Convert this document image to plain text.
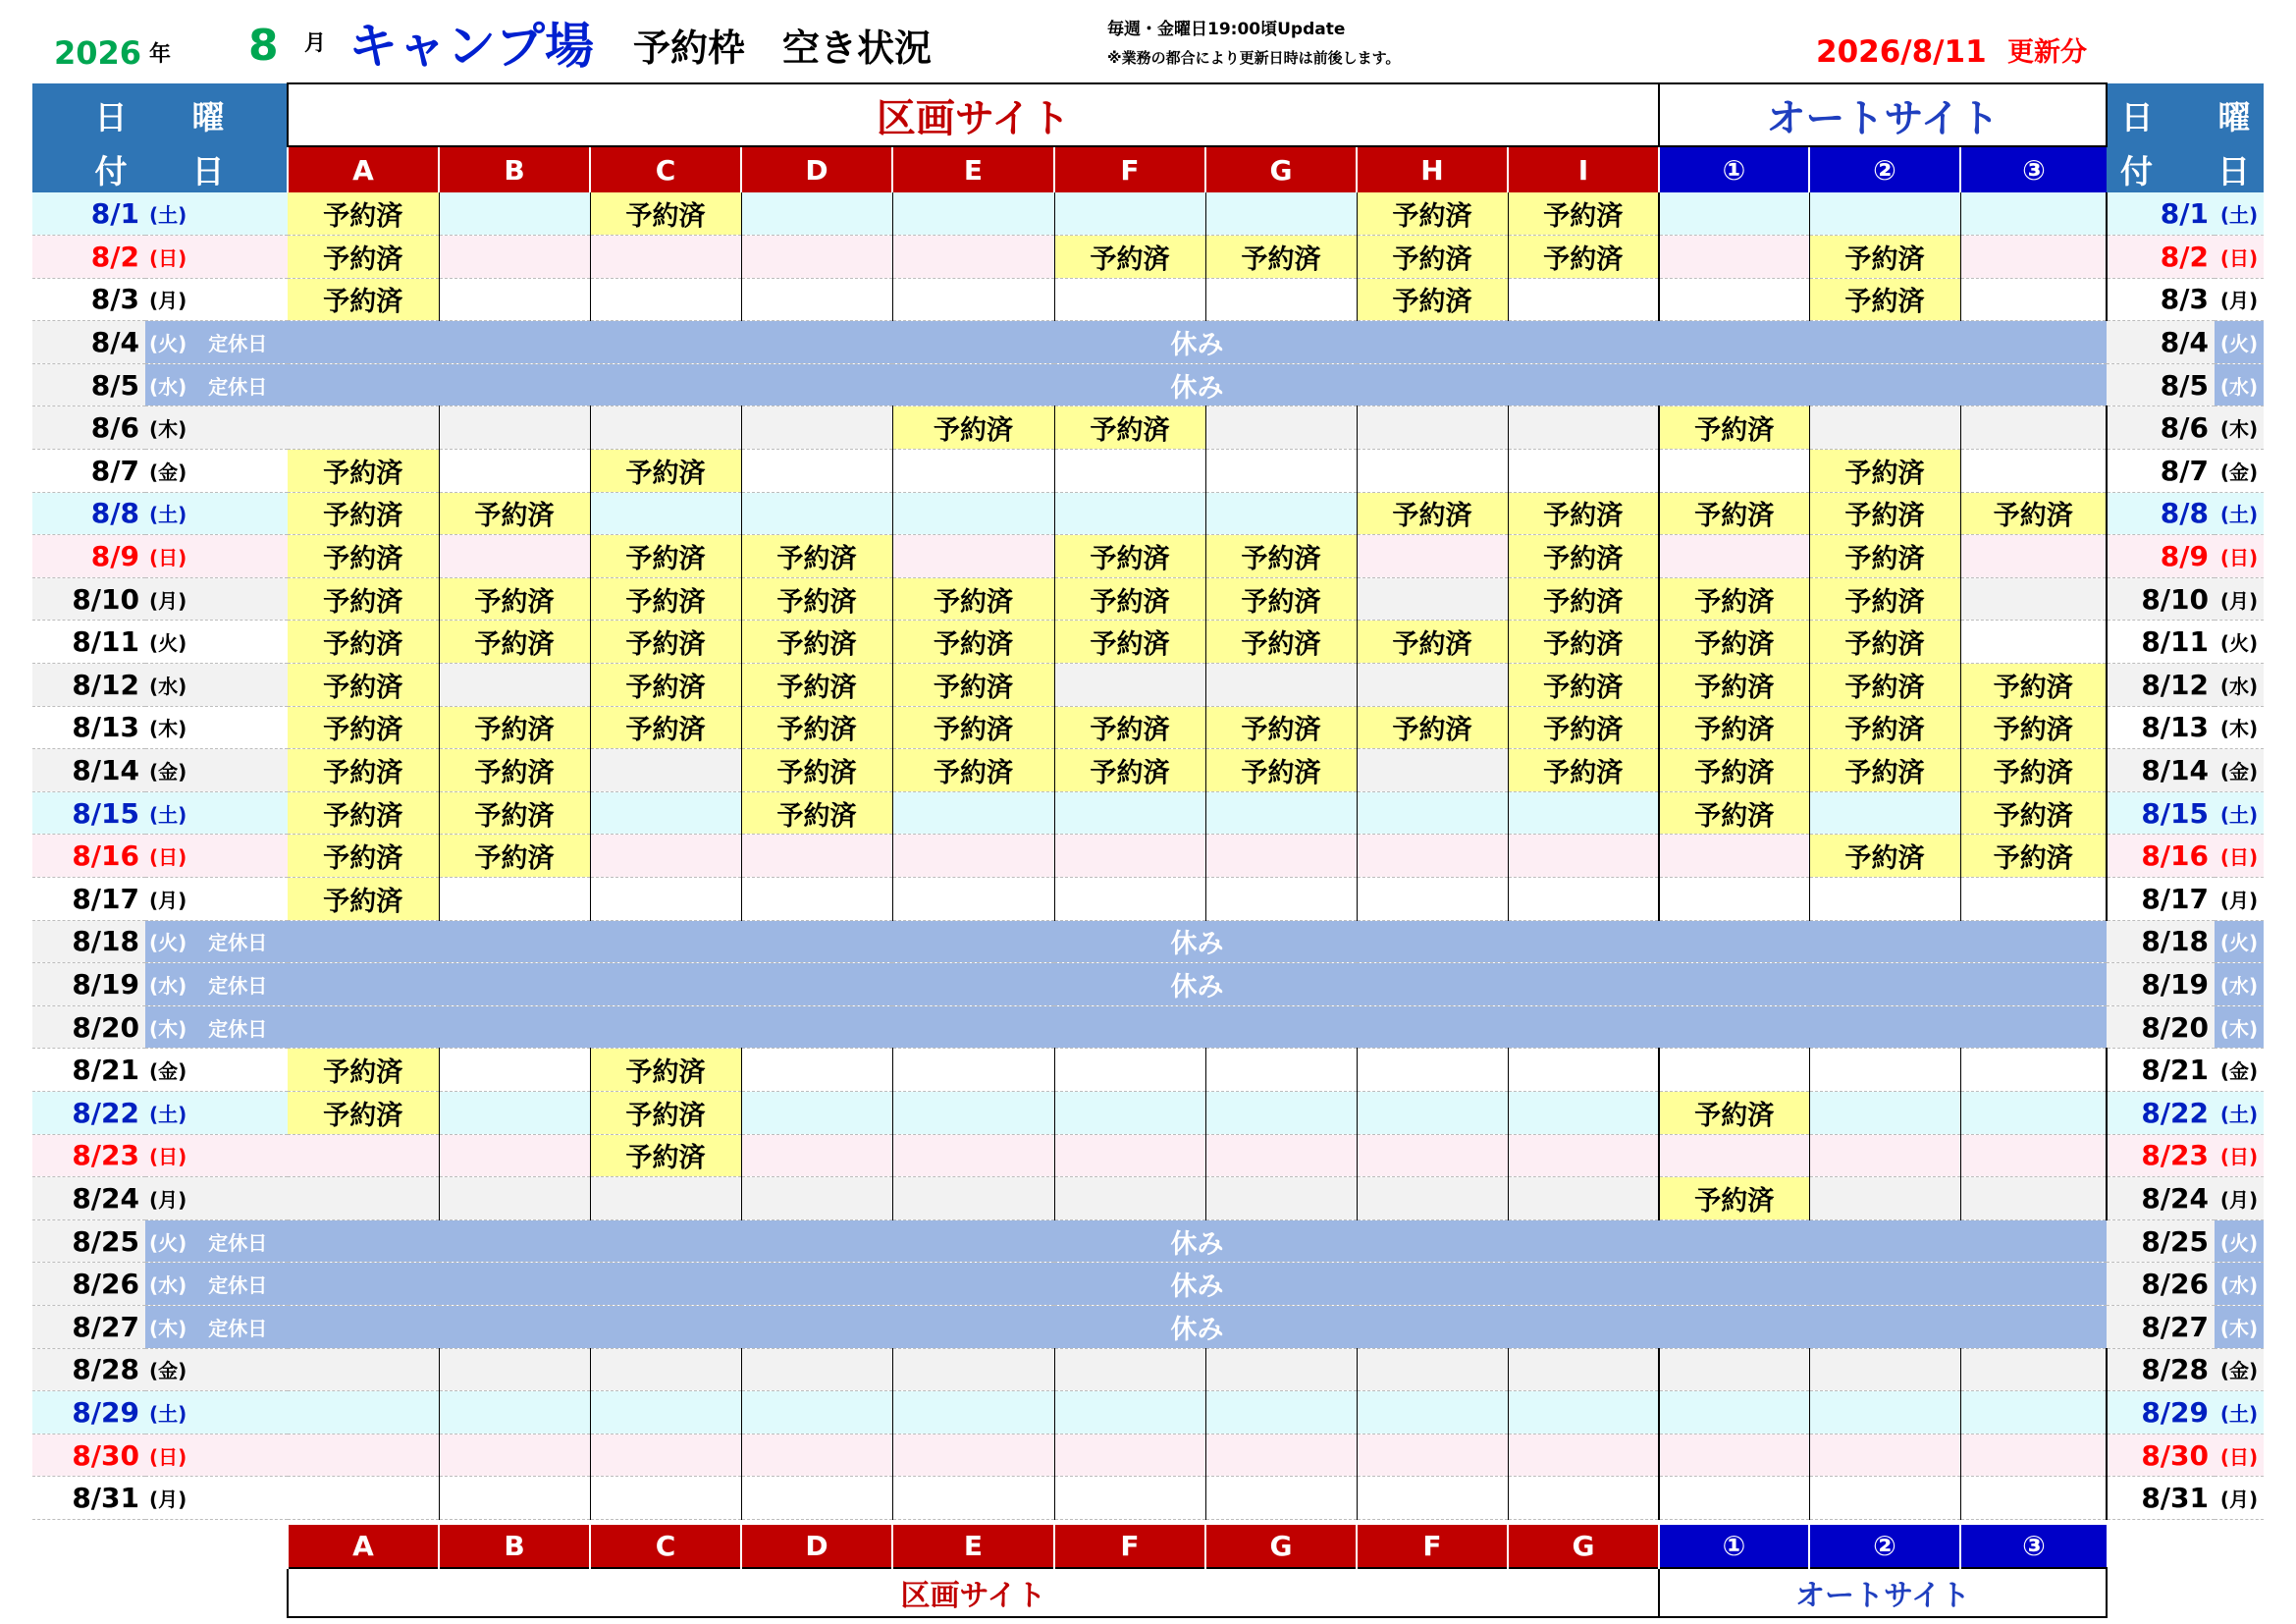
2026 年 8 月 キャンプ場 予約枠　空き状況	毎週・金曜日19:00頃Update
※業務の都合により更新日時は前後します。	2026/8/11 更新分
日　　曜		区画サイト									オートサイト			日　　曜	
付　　日		A	B	C	D	E	F	G	H	I	①	②	③	付　　日	
8/1	(土)	予約済		予約済					予約済	予約済				8/1	(土)
8/2	(日)	予約済					予約済	予約済	予約済	予約済		予約済		8/2	(日)
8/3	(月)	予約済							予約済			予約済		8/3	(月)
8/4	(火) 定休日	休み												8/4	(火)
8/5	(水) 定休日	休み												8/5	(水)
8/6	(木)					予約済	予約済				予約済			8/6	(木)
8/7	(金)	予約済		予約済								予約済		8/7	(金)
8/8	(土)	予約済	予約済						予約済	予約済	予約済	予約済	予約済	8/8	(土)
8/9	(日)	予約済		予約済	予約済		予約済	予約済		予約済		予約済		8/9	(日)
8/10	(月)	予約済	予約済	予約済	予約済	予約済	予約済	予約済		予約済	予約済	予約済		8/10	(月)
8/11	(火)	予約済	予約済	予約済	予約済	予約済	予約済	予約済	予約済	予約済	予約済	予約済		8/11	(火)
8/12	(水)	予約済		予約済	予約済	予約済				予約済	予約済	予約済	予約済	8/12	(水)
8/13	(木)	予約済	予約済	予約済	予約済	予約済	予約済	予約済	予約済	予約済	予約済	予約済	予約済	8/13	(木)
8/14	(金)	予約済	予約済		予約済	予約済	予約済	予約済		予約済	予約済	予約済	予約済	8/14	(金)
8/15	(土)	予約済	予約済		予約済						予約済		予約済	8/15	(土)
8/16	(日)	予約済	予約済									予約済	予約済	8/16	(日)
8/17	(月)	予約済												8/17	(月)
8/18	(火) 定休日	休み												8/18	(火)
8/19	(水) 定休日	休み												8/19	(水)
8/20	(木) 定休日													8/20	(木)
8/21	(金)	予約済		予約済										8/21	(金)
8/22	(土)	予約済		予約済							予約済			8/22	(土)
8/23	(日)			予約済										8/23	(日)
8/24	(月)										予約済			8/24	(月)
8/25	(火) 定休日	休み												8/25	(火)
8/26	(水) 定休日	休み												8/26	(水)
8/27	(木) 定休日	休み												8/27	(木)
8/28	(金)													8/28	(金)
8/29	(土)													8/29	(土)
8/30	(日)													8/30	(日)
8/31	(月)													8/31	(月)

		A	B	C	D	E	F	G	F	G	①	②	③		
		区画サイト									オートサイト				
